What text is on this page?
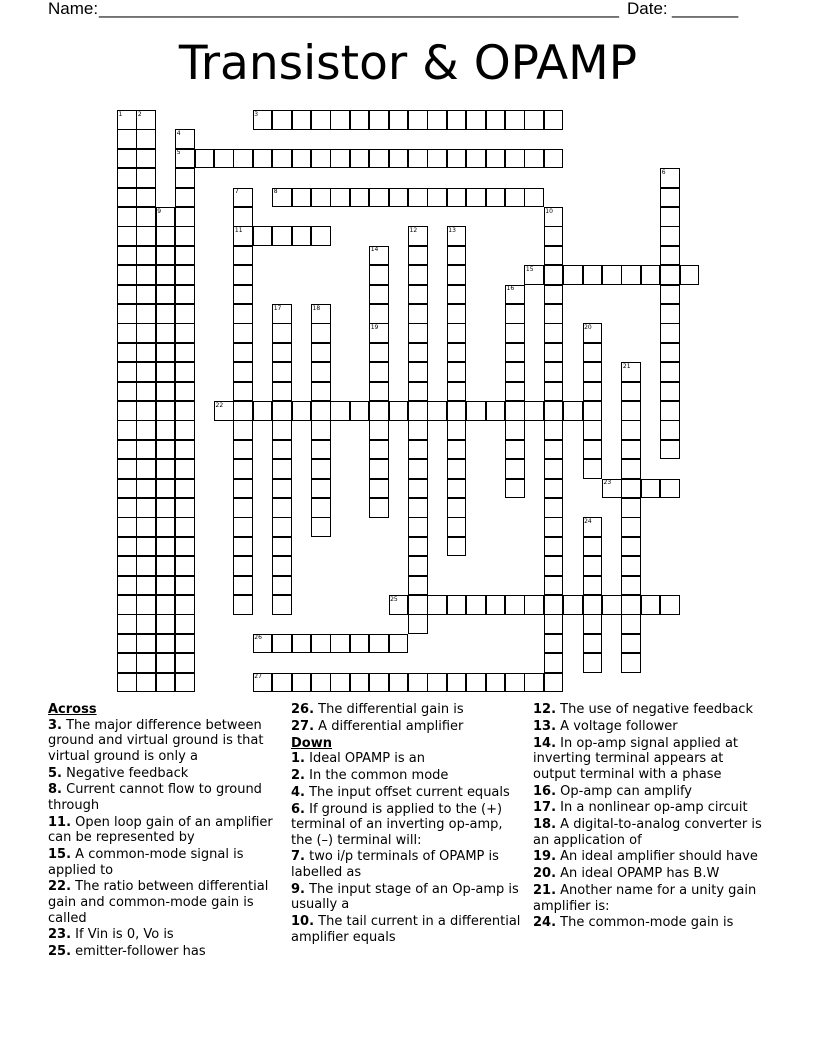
Name:
_______________________________________________________ Date: _______
Transistor & OPAMP
1	2	3
4
5
6
7	8
9	10
11	12	13
14
15
16
17	18
19	20
21
22
23
24
25
26
27
Across
3. The major difference between ground and virtual ground is that virtual ground is only a
5. Negative feedback
8. Current cannot flow to ground through
11. Open loop gain of an amplifier can be represented by
15. A common-mode signal is applied to
22. The ratio between differential gain and common-mode gain is called
23. If Vin is 0, Vo is
25. emitter-follower has
26. The differential gain is
27. A differential amplifier
Down
1. Ideal OPAMP is an
2. In the common mode
4. The input offset current equals
6. If ground is applied to the (+) terminal of an inverting op-amp, the (–) terminal will:
7. two i/p terminals of OPAMP is labelled as
9. The input stage of an Op-amp is usually a
10. The tail current in a differential amplifier equals
12. The use of negative feedback
13. A voltage follower
14. In op-amp signal applied at inverting terminal appears at output terminal with a phase
16. Op-amp can amplify
17. In a nonlinear op-amp circuit
18. A digital-to-analog converter is an application of
19. An ideal amplifier should have
20. An ideal OPAMP has B.W
21. Another name for a unity gain amplifier is:
24. The common-mode gain is
